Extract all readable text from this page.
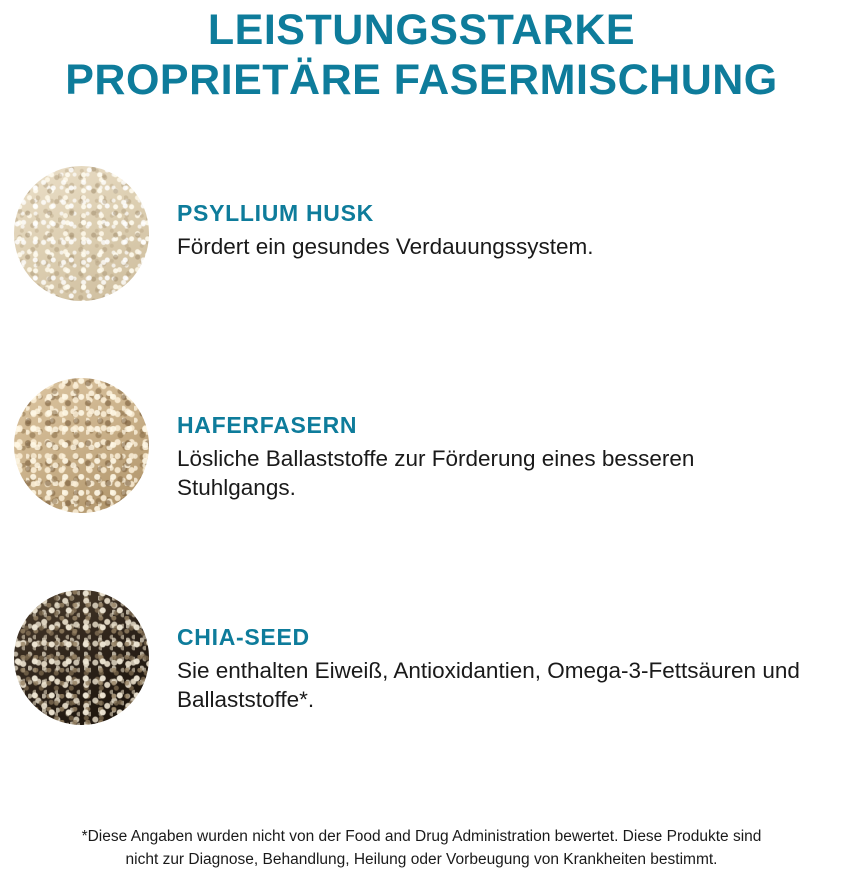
LEISTUNGSSTARKE
PROPRIETÄRE FASERMISCHUNG

PSYLLIUM HUSK

Fördert ein gesundes Verdauungssystem.

HAFERFASERN

Lösliche Ballaststoffe zur Förderung eines besseren Stuhlgangs.

CHIA-SEED

Sie enthalten Eiweiß, Antioxidantien, Omega-3-Fettsäuren und Ballaststoffe*.

*Diese Angaben wurden nicht von der Food and Drug Administration bewertet. Diese Produkte sind
nicht zur Diagnose, Behandlung, Heilung oder Vorbeugung von Krankheiten bestimmt.
